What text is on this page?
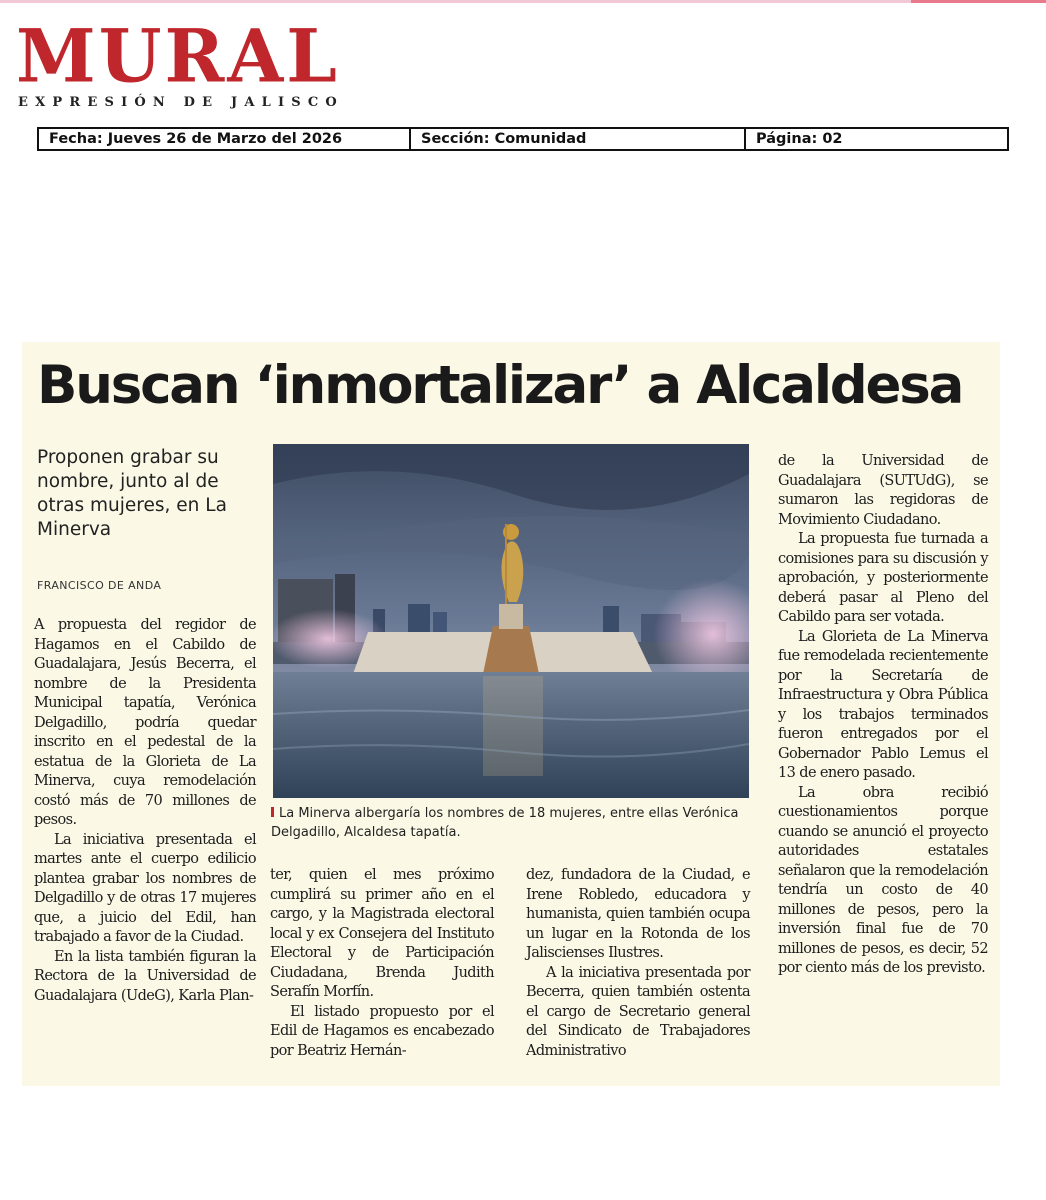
MURAL
EXPRESIÓN DE JALISCO
Fecha: Jueves 26 de Marzo del 2026	Sección: Comunidad	Página: 02
Buscan ‘inmortalizar’ a Alcaldesa
Proponen grabar su nombre, junto al de otras mujeres, en La Minerva
FRANCISCO DE ANDA

A propuesta del regidor de Hagamos en el Cabildo de Guadalajara, Jesús Becerra, el nombre de la Presidenta Municipal tapatía, Verónica Delgadillo, podría quedar inscrito en el pedestal de la estatua de la Glorieta de La Minerva, cuya remodelación costó más de 70 millones de pesos.

La iniciativa presentada el martes ante el cuerpo edilicio plantea grabar los nombres de Delgadillo y de otras 17 mujeres que, a juicio del Edil, han trabajado a favor de la Ciudad.

En la lista también figuran la Rectora de la Universidad de Guadalajara (UdeG), Karla Plan-

La Minerva albergaría los nombres de 18 mujeres, entre ellas Verónica Delgadillo, Alcaldesa tapatía.

ter, quien el mes próximo cumplirá su primer año en el cargo, y la Magistrada electoral local y ex Consejera del Instituto Electoral y de Participación Ciudadana, Brenda Judith Serafín Morfín.

El listado propuesto por el Edil de Hagamos es encabezado por Beatriz Hernán-

dez, fundadora de la Ciudad, e Irene Robledo, educadora y humanista, quien también ocupa un lugar en la Rotonda de los Jaliscienses Ilustres.

A la iniciativa presentada por Becerra, quien también ostenta el cargo de Secretario general del Sindicato de Trabajadores Administrativo

de la Universidad de Guadalajara (SUTUdG), se sumaron las regidoras de Movimiento Ciudadano.

La propuesta fue turnada a comisiones para su discusión y aprobación, y posteriormente deberá pasar al Pleno del Cabildo para ser votada.

La Glorieta de La Minerva fue remodelada recientemente por la Secretaría de Infraestructura y Obra Pública y los trabajos terminados fueron entregados por el Gobernador Pablo Lemus el 13 de enero pasado.

La obra recibió cuestionamientos porque cuando se anunció el proyecto autoridades estatales señalaron que la remodelación tendría un costo de 40 millones de pesos, pero la inversión final fue de 70 millones de pesos, es decir, 52 por ciento más de los previsto.
